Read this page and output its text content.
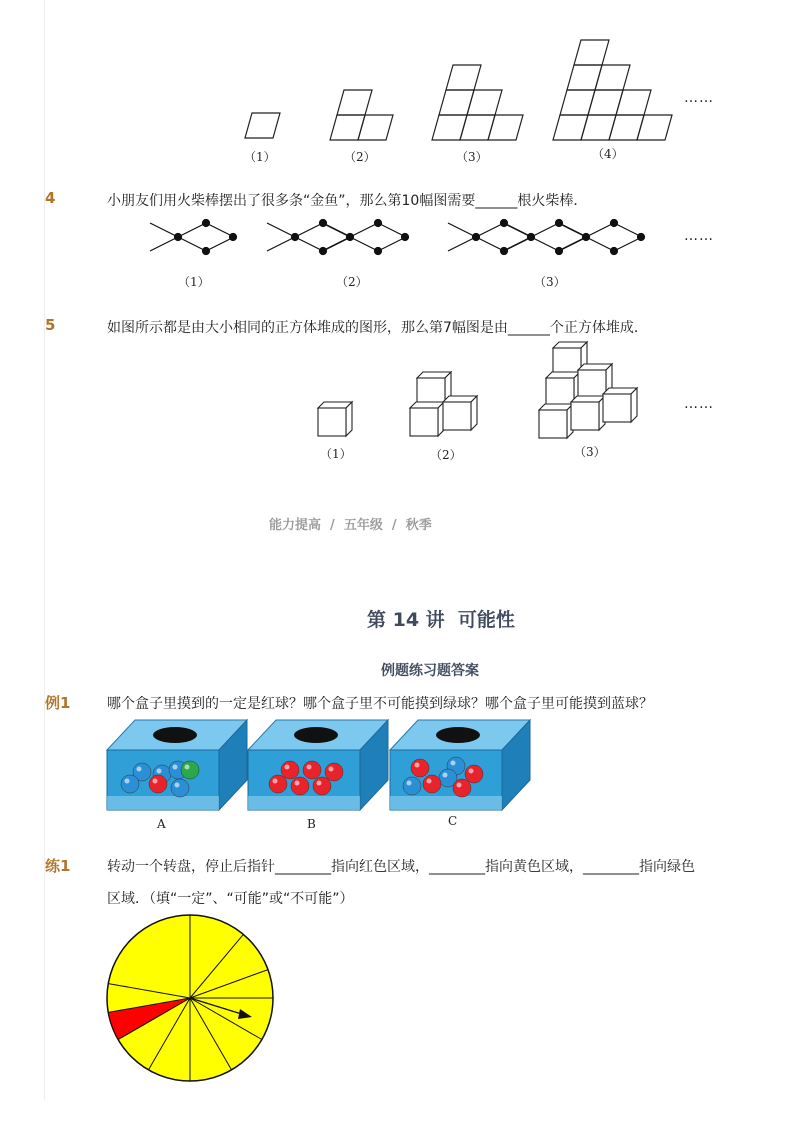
（1）	（2）	（3）	（4）
……
4	小朋友们用火柴棒摆出了很多条“金鱼”，那么第10幅图需要______根火柴棒．
（1）	（2）	（3）
……
5	如图所示都是由大小相同的正方体堆成的图形，那么第7幅图是由______个正方体堆成．
（1）	（2）	（3）
……
能力提高  /  五年级  /  秋季
第 14 讲  可能性
例题练习题答案
例1	哪个盒子里摸到的一定是红球？哪个盒子里不可能摸到绿球？哪个盒子里可能摸到蓝球？
A	B	C
练1	转动一个转盘，停止后指针________指向红色区域，________指向黄色区域，________指向绿色
区域．（填“一定”、“可能”或“不可能”）
